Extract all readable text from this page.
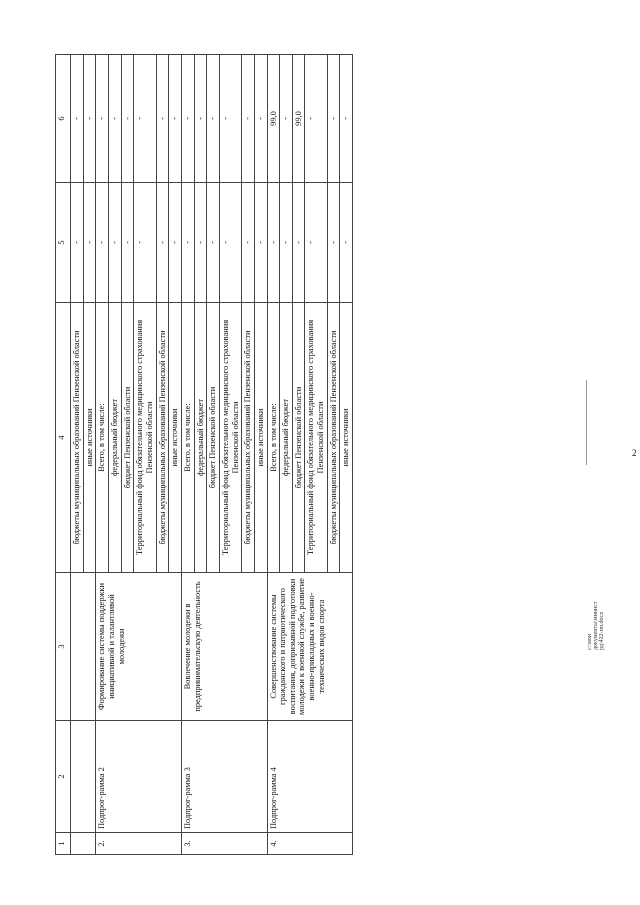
2
c:\мои документы\минист рд\422-пп.docx
1	2	3	4	5	6
			бюджеты муниципальных образований Пензенской области	-	-
			иные источники	-	-
2.	Подпрог-рамма 2	Формирование системы поддержки инициативной и талантливой молодежи	Всего, в том числе:	-	-
			федеральный бюджет	-	-
			бюджет Пензенской области	-	-
			Территориальный фонд обязательного медицинского страхования Пензенской области	-	-
			бюджеты муниципальных образований Пензенской области	-	-
			иные источники	-	-
3.	Подпрог-рамма 3	Вовлечение молодежи в предпринимательскую деятельность	Всего, в том числе:	-	-
			федеральный бюджет	-	-
			бюджет Пензенской области	-	-
			Территориальный фонд обязательного медицинского страхования Пензенской области	-	-
			бюджеты муниципальных образований Пензенской области	-	-
			иные источники	-	-
4.	Подпрог-рамма 4	Совершенствование системы гражданского и патриотического воспитания, допризывной подготовки молодежи к военной службе, развитие военно-прикладных и военно-технических видов спорта	Всего, в том числе:	-	99,0
			федеральный бюджет	-	-
			бюджет Пензенской области	-	99,0
			Территориальный фонд обязательного медицинского страхования Пензенской области	-	-
			бюджеты муниципальных образований Пензенской области	-	-
			иные источники	-	-
